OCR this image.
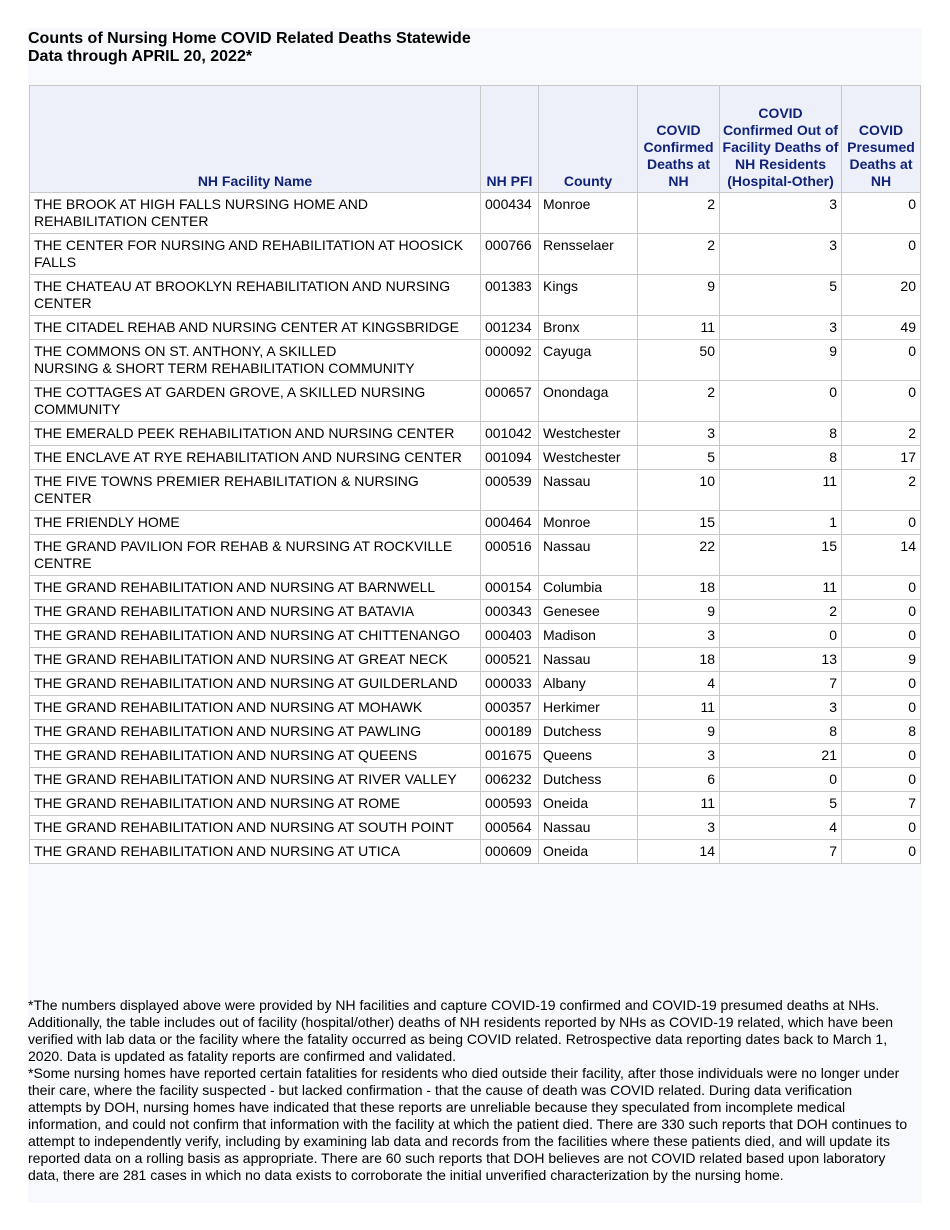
Counts of Nursing Home COVID Related Deaths Statewide
Data through APRIL 20, 2022*
NH Facility Name	NH PFI	County	COVID Confirmed Deaths at NH	COVID Confirmed Out of Facility Deaths of NH Residents (Hospital-Other)	COVID Presumed Deaths at NH
THE BROOK AT HIGH FALLS NURSING HOME AND REHABILITATION CENTER	000434	Monroe	2	3	0
THE CENTER FOR NURSING AND REHABILITATION AT HOOSICK FALLS	000766	Rensselaer	2	3	0
THE CHATEAU AT BROOKLYN REHABILITATION AND NURSING CENTER	001383	Kings	9	5	20
THE CITADEL REHAB AND NURSING CENTER AT KINGSBRIDGE	001234	Bronx	11	3	49
THE COMMONS ON ST. ANTHONY, A SKILLED
NURSING & SHORT TERM REHABILITATION COMMUNITY	000092	Cayuga	50	9	0
THE COTTAGES AT GARDEN GROVE, A SKILLED NURSING COMMUNITY	000657	Onondaga	2	0	0
THE EMERALD PEEK REHABILITATION AND NURSING CENTER	001042	Westchester	3	8	2
THE ENCLAVE AT RYE REHABILITATION AND NURSING CENTER	001094	Westchester	5	8	17
THE FIVE TOWNS PREMIER REHABILITATION & NURSING CENTER	000539	Nassau	10	11	2
THE FRIENDLY HOME	000464	Monroe	15	1	0
THE GRAND PAVILION FOR REHAB & NURSING AT ROCKVILLE CENTRE	000516	Nassau	22	15	14
THE GRAND REHABILITATION AND NURSING AT BARNWELL	000154	Columbia	18	11	0
THE GRAND REHABILITATION AND NURSING AT BATAVIA	000343	Genesee	9	2	0
THE GRAND REHABILITATION AND NURSING AT CHITTENANGO	000403	Madison	3	0	0
THE GRAND REHABILITATION AND NURSING AT GREAT NECK	000521	Nassau	18	13	9
THE GRAND REHABILITATION AND NURSING AT GUILDERLAND	000033	Albany	4	7	0
THE GRAND REHABILITATION AND NURSING AT MOHAWK	000357	Herkimer	11	3	0
THE GRAND REHABILITATION AND NURSING AT PAWLING	000189	Dutchess	9	8	8
THE GRAND REHABILITATION AND NURSING AT QUEENS	001675	Queens	3	21	0
THE GRAND REHABILITATION AND NURSING AT RIVER VALLEY	006232	Dutchess	6	0	0
THE GRAND REHABILITATION AND NURSING AT ROME	000593	Oneida	11	5	7
THE GRAND REHABILITATION AND NURSING AT SOUTH POINT	000564	Nassau	3	4	0
THE GRAND REHABILITATION AND NURSING AT UTICA	000609	Oneida	14	7	0

*The numbers displayed above were provided by NH facilities and capture COVID-19 confirmed and COVID-19 presumed deaths at NHs. Additionally, the table includes out of facility (hospital/other) deaths of NH residents reported by NHs as COVID-19 related, which have been verified with lab data or the facility where the fatality occurred as being COVID related. Retrospective data reporting dates back to March 1, 2020. Data is updated as fatality reports are confirmed and validated.

*Some nursing homes have reported certain fatalities for residents who died outside their facility, after those individuals were no longer under their care, where the facility suspected - but lacked confirmation - that the cause of death was COVID related. During data verification attempts by DOH, nursing homes have indicated that these reports are unreliable because they speculated from incomplete medical information, and could not confirm that information with the facility at which the patient died. There are 330 such reports that DOH continues to attempt to independently verify, including by examining lab data and records from the facilities where these patients died, and will update its reported data on a rolling basis as appropriate. There are 60 such reports that DOH believes are not COVID related based upon laboratory data, there are 281 cases in which no data exists to corroborate the initial unverified characterization by the nursing home.
